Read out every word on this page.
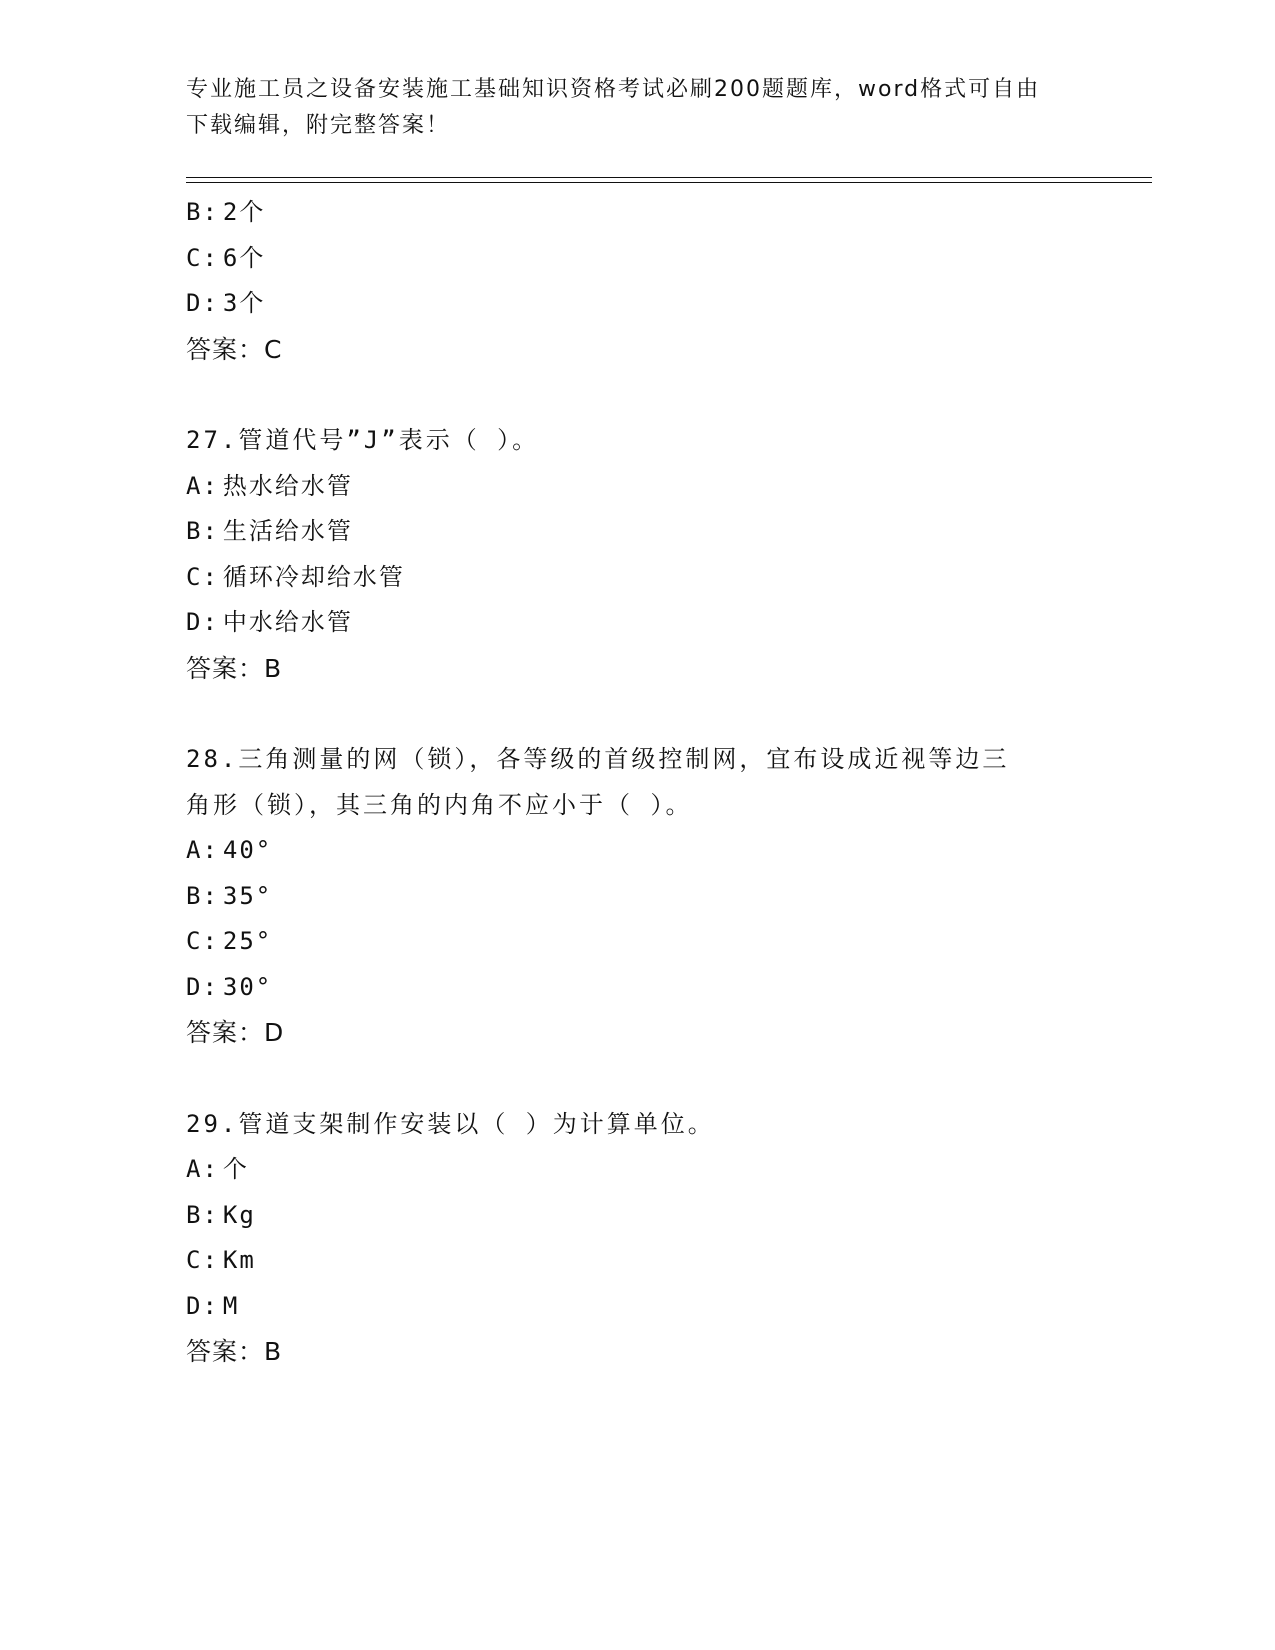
专业施工员之设备安装施工基础知识资格考试必刷200题题库，word格式可自由
下载编辑，附完整答案！
B: 2个
C: 6个
D: 3个
答案：C
27.管道代号”J”表示（ ）。
A: 热水给水管
B: 生活给水管
C: 循环冷却给水管
D: 中水给水管
答案：B
28.三角测量的网（锁），各等级的首级控制网，宜布设成近视等边三
角形（锁），其三角的内角不应小于（ ）。
A: 40°
B: 35°
C: 25°
D: 30°
答案：D
29.管道支架制作安装以（ ）为计算单位。
A: 个
B: Kg
C: Km
D: M
答案：B
